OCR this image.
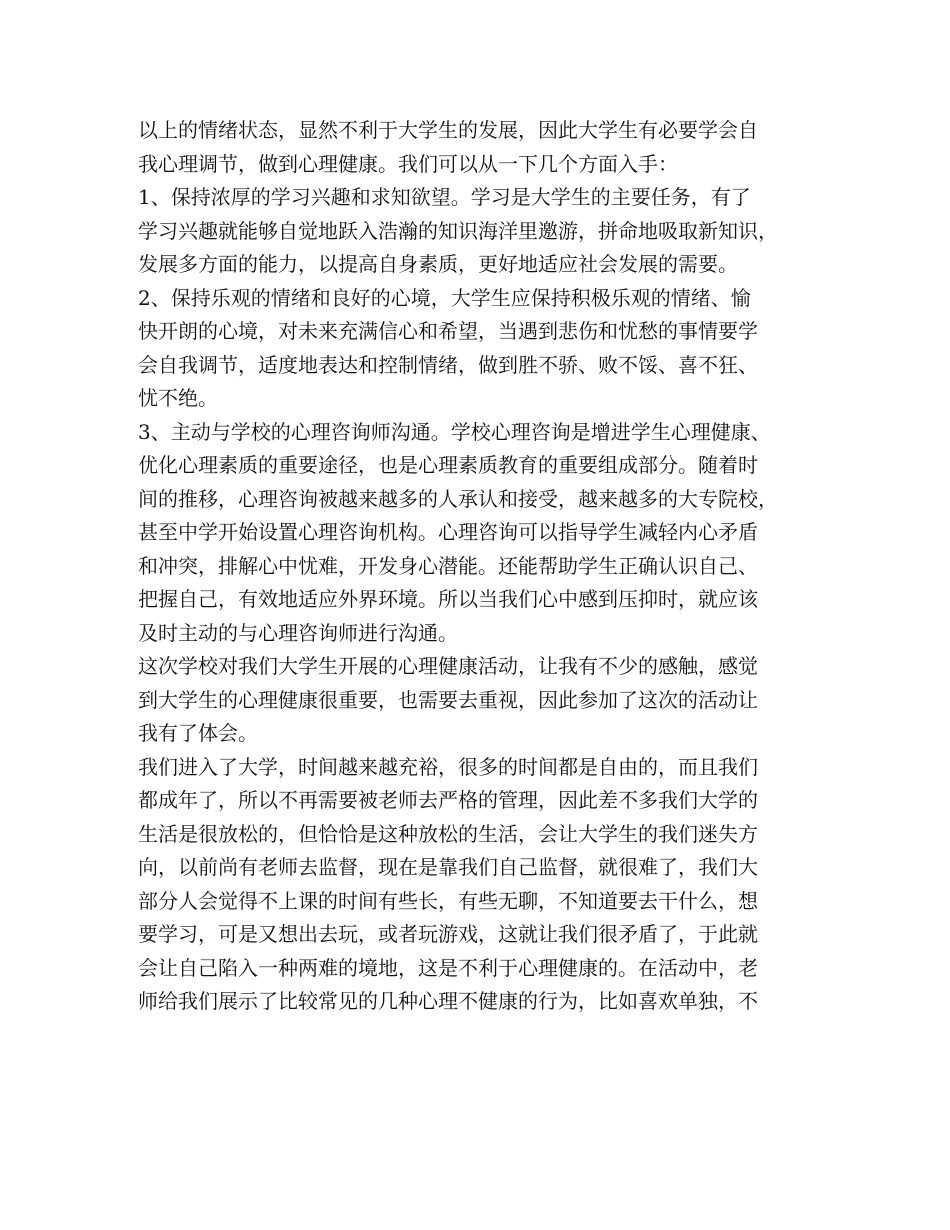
以上的情绪状态，显然不利于大学生的发展，因此大学生有必要学会自
我心理调节，做到心理健康。我们可以从一下几个方面入手：
1、保持浓厚的学习兴趣和求知欲望。学习是大学生的主要任务，有了
学习兴趣就能够自觉地跃入浩瀚的知识海洋里邀游，拼命地吸取新知识，
发展多方面的能力，以提高自身素质，更好地适应社会发展的需要。
2、保持乐观的情绪和良好的心境，大学生应保持积极乐观的情绪、愉
快开朗的心境，对未来充满信心和希望，当遇到悲伤和忧愁的事情要学
会自我调节，适度地表达和控制情绪，做到胜不骄、败不馁、喜不狂、
忧不绝。
3、主动与学校的心理咨询师沟通。学校心理咨询是增进学生心理健康、
优化心理素质的重要途径，也是心理素质教育的重要组成部分。随着时
间的推移，心理咨询被越来越多的人承认和接受，越来越多的大专院校，
甚至中学开始设置心理咨询机构。心理咨询可以指导学生减轻内心矛盾
和冲突，排解心中忧难，开发身心潜能。还能帮助学生正确认识自己、
把握自己，有效地适应外界环境。所以当我们心中感到压抑时，就应该
及时主动的与心理咨询师进行沟通。
这次学校对我们大学生开展的心理健康活动，让我有不少的感触，感觉
到大学生的心理健康很重要，也需要去重视，因此参加了这次的活动让
我有了体会。
我们进入了大学，时间越来越充裕，很多的时间都是自由的，而且我们
都成年了，所以不再需要被老师去严格的管理，因此差不多我们大学的
生活是很放松的，但恰恰是这种放松的生活，会让大学生的我们迷失方
向，以前尚有老师去监督，现在是靠我们自己监督，就很难了，我们大
部分人会觉得不上课的时间有些长，有些无聊，不知道要去干什么，想
要学习，可是又想出去玩，或者玩游戏，这就让我们很矛盾了，于此就
会让自己陷入一种两难的境地，这是不利于心理健康的。在活动中，老
师给我们展示了比较常见的几种心理不健康的行为，比如喜欢单独，不
